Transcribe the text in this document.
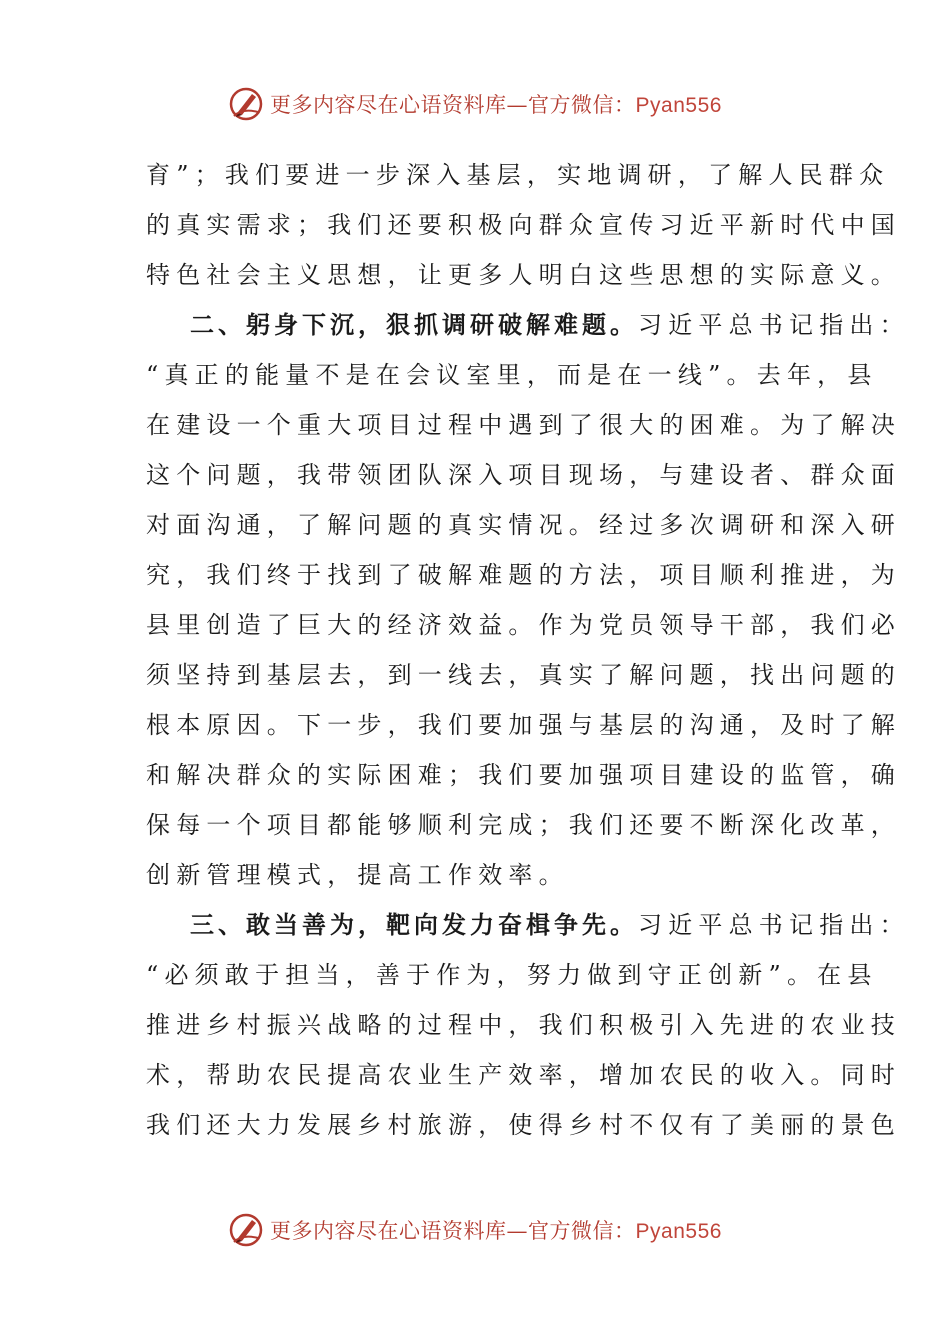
更多内容尽在心语资料库—官方微信：Pyan556
育”；我们要进一步深入基层，实地调研，了解人民群众
的真实需求；我们还要积极向群众宣传习近平新时代中国
特色社会主义思想，让更多人明白这些思想的实际意义。
二、躬身下沉，狠抓调研破解难题。习近平总书记指出：
“真正的能量不是在会议室里，而是在一线”。去年，县
在建设一个重大项目过程中遇到了很大的困难。为了解决
这个问题，我带领团队深入项目现场，与建设者、群众面
对面沟通，了解问题的真实情况。经过多次调研和深入研
究，我们终于找到了破解难题的方法，项目顺利推进，为
县里创造了巨大的经济效益。作为党员领导干部，我们必
须坚持到基层去，到一线去，真实了解问题，找出问题的
根本原因。下一步，我们要加强与基层的沟通，及时了解
和解决群众的实际困难；我们要加强项目建设的监管，确
保每一个项目都能够顺利完成；我们还要不断深化改革，
创新管理模式，提高工作效率。
三、敢当善为，靶向发力奋楫争先。习近平总书记指出：
“必须敢于担当，善于作为，努力做到守正创新”。在县
推进乡村振兴战略的过程中，我们积极引入先进的农业技
术，帮助农民提高农业生产效率，增加农民的收入。同时
我们还大力发展乡村旅游，使得乡村不仅有了美丽的景色
更多内容尽在心语资料库—官方微信：Pyan556
